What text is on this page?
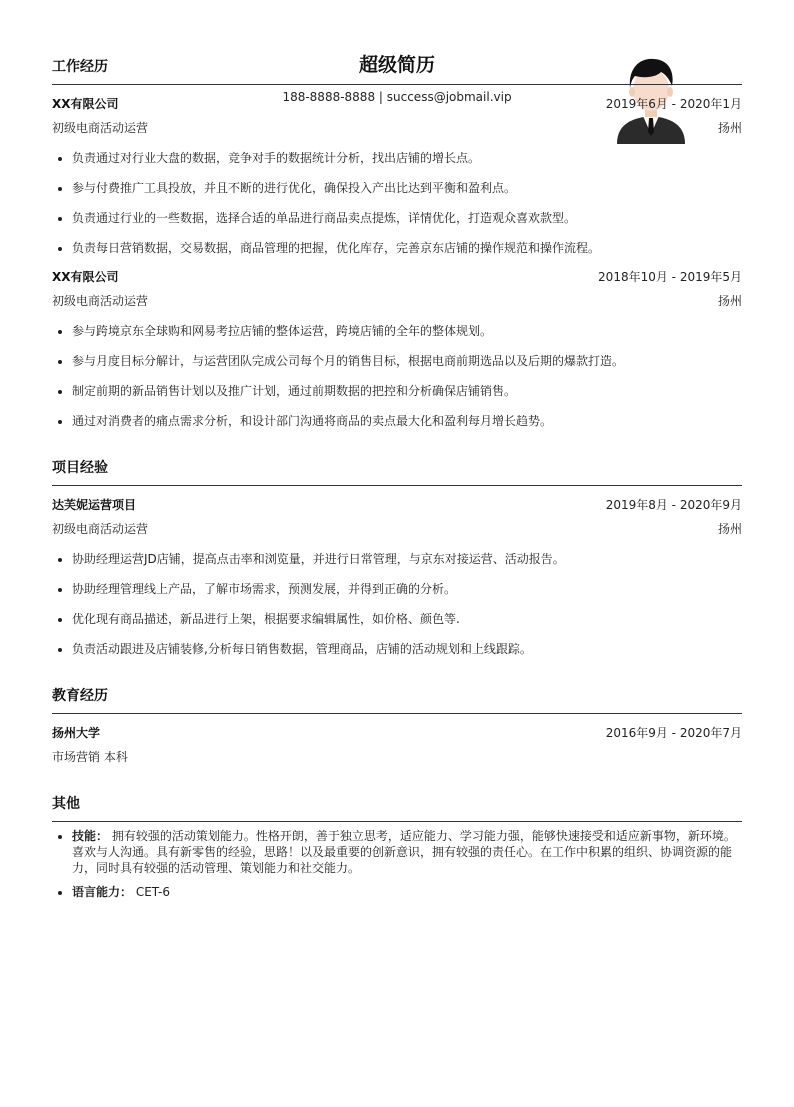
超级简历
188-8888-8888 | success@jobmail.vip
工作经历
XX有限公司	2019年6月 - 2020年1月
初级电商活动运营	扬州
• 负责通过对行业大盘的数据，竞争对手的数据统计分析，找出店铺的增长点。
• 参与付费推广工具投放，并且不断的进行优化，确保投入产出比达到平衡和盈利点。
• 负责通过行业的一些数据，选择合适的单品进行商品卖点提炼，详情优化，打造观众喜欢款型。
• 负责每日营销数据，交易数据，商品管理的把握，优化库存，完善京东店铺的操作规范和操作流程。
XX有限公司	2018年10月 - 2019年5月
初级电商活动运营	扬州
• 参与跨境京东全球购和网易考拉店铺的整体运营，跨境店铺的全年的整体规划。
• 参与月度目标分解计，与运营团队完成公司每个月的销售目标，根据电商前期选品以及后期的爆款打造。
• 制定前期的新品销售计划以及推广计划，通过前期数据的把控和分析确保店铺销售。
• 通过对消费者的痛点需求分析，和设计部门沟通将商品的卖点最大化和盈利每月增长趋势。
项目经验
达芙妮运营项目	2019年8月 - 2020年9月
初级电商活动运营	扬州
• 协助经理运营JD店铺，提高点击率和浏览量，并进行日常管理，与京东对接运营、活动报告。
• 协助经理管理线上产品，了解市场需求，预测发展，并得到正确的分析。
• 优化现有商品描述，新品进行上架，根据要求编辑属性，如价格、颜色等.
• 负责活动跟进及店铺装修,分析每日销售数据，管理商品，店铺的活动规划和上线跟踪。
教育经历
扬州大学	2016年9月 - 2020年7月
市场营销 本科
其他
• 技能： 拥有较强的活动策划能力。性格开朗，善于独立思考，适应能力、学习能力强，能够快速接受和适应新事物，新环境。喜欢与人沟通。具有新零售的经验，思路！以及最重要的创新意识，拥有较强的责任心。在工作中积累的组织、协调资源的能力，同时具有较强的活动管理、策划能力和社交能力。
• 语言能力： CET-6
